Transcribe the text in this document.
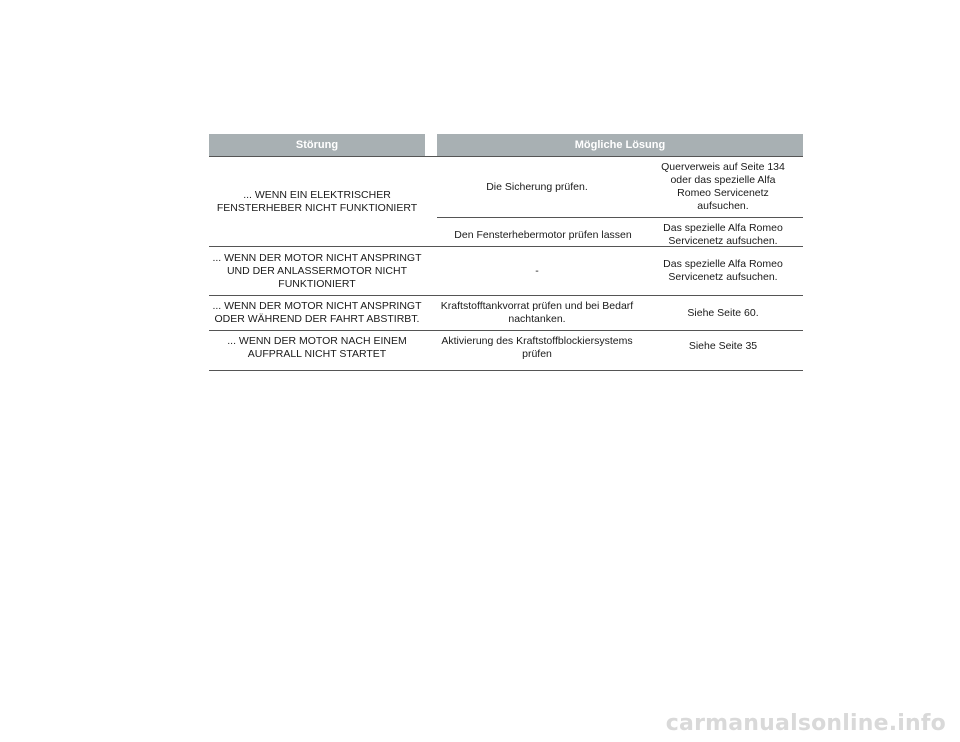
Störung	Mögliche Lösung
... WENN EIN ELEKTRISCHER
FENSTERHEBER NICHT FUNKTIONIERT
Die Sicherung prüfen.
Querverweis auf Seite 134
oder das spezielle Alfa
Romeo Servicenetz
aufsuchen.
Den Fensterhebermotor prüfen lassen
Das spezielle Alfa Romeo
Servicenetz aufsuchen.
... WENN DER MOTOR NICHT ANSPRINGT
UND DER ANLASSERMOTOR NICHT
FUNKTIONIERT
-
Das spezielle Alfa Romeo
Servicenetz aufsuchen.
... WENN DER MOTOR NICHT ANSPRINGT
ODER WÄHREND DER FAHRT ABSTIRBT.
Kraftstofftankvorrat prüfen und bei Bedarf
nachtanken.
Siehe Seite 60.
... WENN DER MOTOR NACH EINEM
AUFPRALL NICHT STARTET
Aktivierung des Kraftstoffblockiersystems
prüfen
Siehe Seite 35
carmanualsonline.info
